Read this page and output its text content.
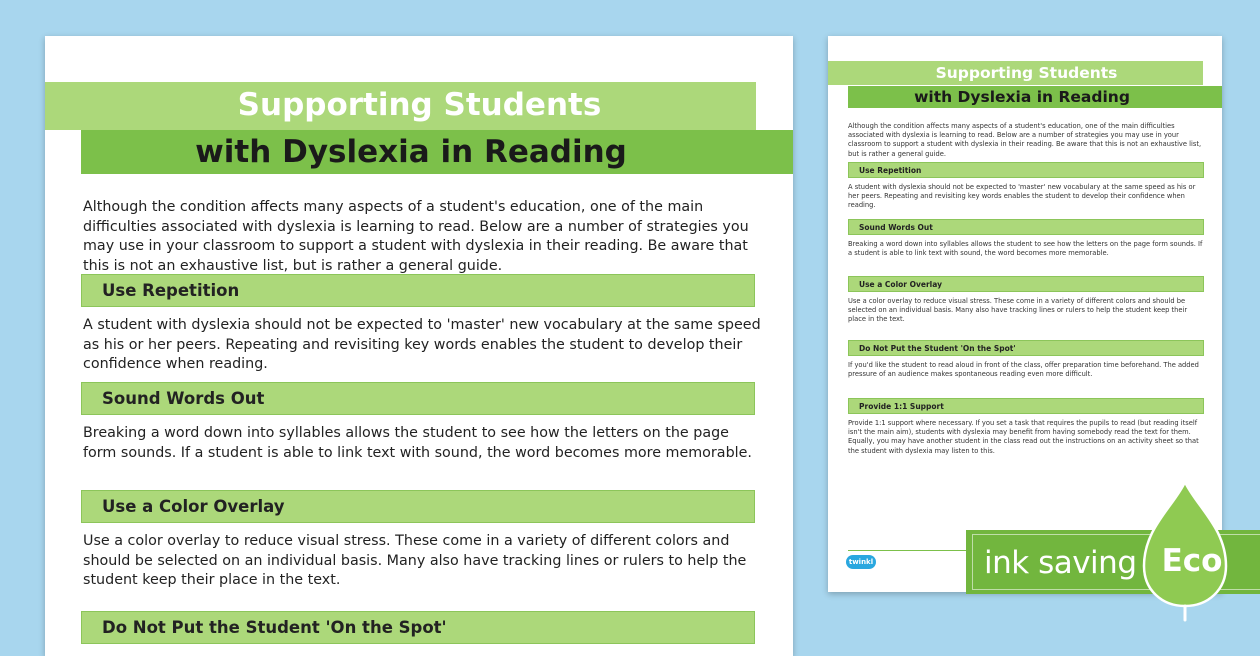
Supporting Students
with Dyslexia in Reading
Although the condition affects many aspects of a student's education, one of the main difficulties associated with dyslexia is learning to read. Below are a number of strategies you may use in your classroom to support a student with dyslexia in their reading. Be aware that this is not an exhaustive list, but is rather a general guide.
Use Repetition
A student with dyslexia should not be expected to 'master' new vocabulary at the same speed as his or her peers. Repeating and revisiting key words enables the student to develop their confidence when reading.
Sound Words Out
Breaking a word down into syllables allows the student to see how the letters on the page form sounds. If a student is able to link text with sound, the word becomes more memorable.
Use a Color Overlay
Use a color overlay to reduce visual stress. These come in a variety of different colors and should be selected on an individual basis. Many also have tracking lines or rulers to help the student keep their place in the text.
Do Not Put the Student 'On the Spot'
Supporting Students
with Dyslexia in Reading
Although the condition affects many aspects of a student's education, one of the main difficulties associated with dyslexia is learning to read. Below are a number of strategies you may use in your classroom to support a student with dyslexia in their reading. Be aware that this is not an exhaustive list, but is rather a general guide.
Use Repetition
A student with dyslexia should not be expected to 'master' new vocabulary at the same speed as his or her peers. Repeating and revisiting key words enables the student to develop their confidence when reading.
Sound Words Out
Breaking a word down into syllables allows the student to see how the letters on the page form sounds. If a student is able to link text with sound, the word becomes more memorable.
Use a Color Overlay
Use a color overlay to reduce visual stress. These come in a variety of different colors and should be selected on an individual basis. Many also have tracking lines or rulers to help the student keep their place in the text.
Do Not Put the Student 'On the Spot'
If you'd like the student to read aloud in front of the class, offer preparation time beforehand. The added pressure of an audience makes spontaneous reading even more difficult.
Provide 1:1 Support
Provide 1:1 support where necessary. If you set a task that requires the pupils to read (but reading itself isn't the main aim), students with dyslexia may benefit from having somebody read the text for them. Equally, you may have another student in the class read out the instructions on an activity sheet so that the student with dyslexia may listen to this.
twinkl	ink saving Eco
